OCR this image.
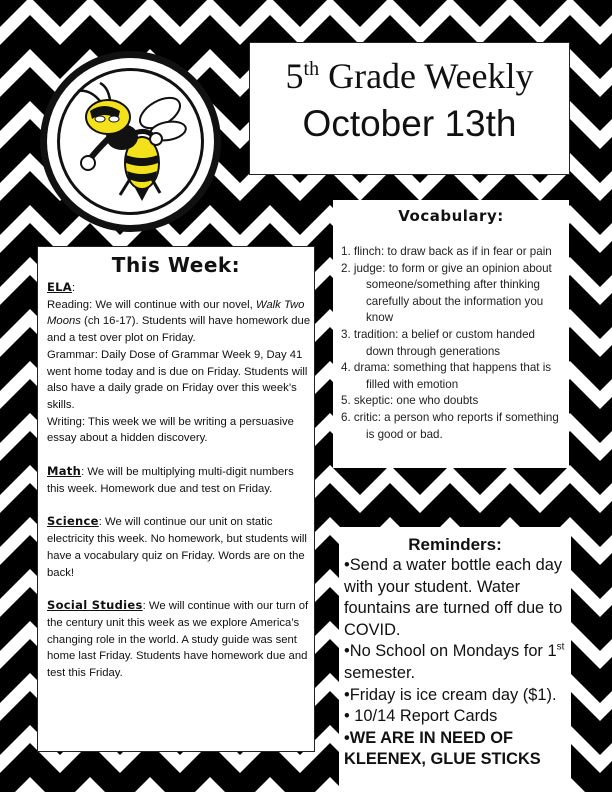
5th Grade Weekly
October 13th
Vocabulary:
1. flinch: to draw back as if in fear or pain
2. judge: to form or give an opinion about someone/something after thinking carefully about the information you know
3. tradition: a belief or custom handed down through generations
4. drama: something that happens that is filled with emotion
5. skeptic: one who doubts
6. critic: a person who reports if something is good or bad.
This Week:

ELA:

Reading: We will continue with our novel, Walk Two Moons (ch 16-17). Students will have homework due and a test over plot on Friday.

Grammar: Daily Dose of Grammar Week 9, Day 41 went home today and is due on Friday. Students will also have a daily grade on Friday over this week’s skills.

Writing: This week we will be writing a persuasive essay about a hidden discovery.

Math: We will be multiplying multi-digit numbers this week. Homework due and test on Friday.

Science: We will continue our unit on static electricity this week. No homework, but students will have a vocabulary quiz on Friday. Words are on the back!

Social Studies: We will continue with our turn of the century unit this week as we explore America’s changing role in the world. A study guide was sent home last Friday. Students have homework due and test this Friday.

Reminders:
•Send a water bottle each day with your student. Water fountains are turned off due to COVID.
•No School on Mondays for 1st semester.
•Friday is ice cream day ($1).
• 10/14 Report Cards
•WE ARE IN NEED OF KLEENEX, GLUE STICKS
